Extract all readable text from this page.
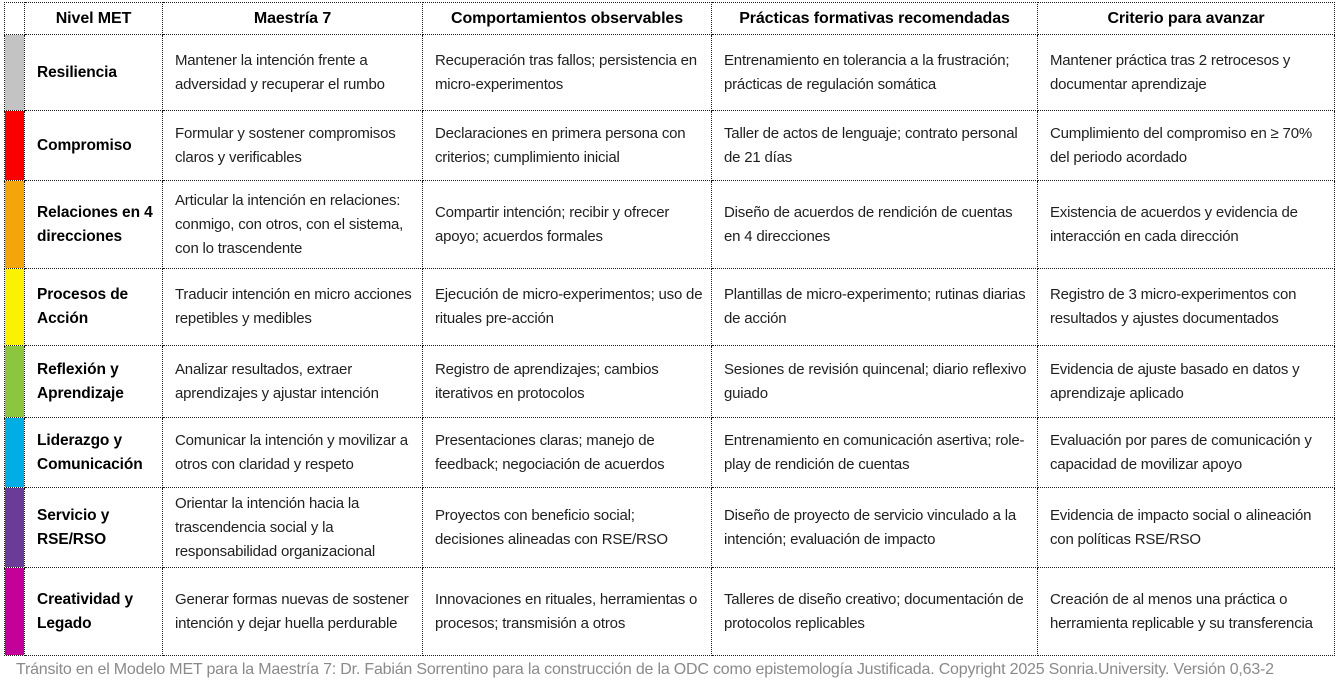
	Nivel MET	Maestría 7	Comportamientos observables	Prácticas formativas recomendadas	Criterio para avanzar
	Resiliencia	Mantener la intención frente a adversidad y recuperar el rumbo	Recuperación tras fallos; persistencia en micro-experimentos	Entrenamiento en tolerancia a la frustración; prácticas de regulación somática	Mantener práctica tras 2 retrocesos y documentar aprendizaje
	Compromiso	Formular y sostener compromisos claros y verificables	Declaraciones en primera persona con criterios; cumplimiento inicial	Taller de actos de lenguaje; contrato personal de 21 días	Cumplimiento del compromiso en ≥ 70% del periodo acordado
	Relaciones en 4 direcciones	Articular la intención en relaciones: conmigo, con otros, con el sistema, con lo trascendente	Compartir intención; recibir y ofrecer apoyo; acuerdos formales	Diseño de acuerdos de rendición de cuentas en 4 direcciones	Existencia de acuerdos y evidencia de interacción en cada dirección
	Procesos de Acción	Traducir intención en micro acciones repetibles y medibles	Ejecución de micro-experimentos; uso de rituales pre-acción	Plantillas de micro-experimento; rutinas diarias de acción	Registro de 3 micro-experimentos con resultados y ajustes documentados
	Reflexión y Aprendizaje	Analizar resultados, extraer aprendizajes y ajustar intención	Registro de aprendizajes; cambios iterativos en protocolos	Sesiones de revisión quincenal; diario reflexivo guiado	Evidencia de ajuste basado en datos y aprendizaje aplicado
	Liderazgo y Comunicación	Comunicar la intención y movilizar a otros con claridad y respeto	Presentaciones claras; manejo de feedback; negociación de acuerdos	Entrenamiento en comunicación asertiva; role-play de rendición de cuentas	Evaluación por pares de comunicación y capacidad de movilizar apoyo
	Servicio y RSE/RSO	Orientar la intención hacia la trascendencia social y la responsabilidad organizacional	Proyectos con beneficio social; decisiones alineadas con RSE/RSO	Diseño de proyecto de servicio vinculado a la intención; evaluación de impacto	Evidencia de impacto social o alineación con políticas RSE/RSO
	Creatividad y Legado	Generar formas nuevas de sostener intención y dejar huella perdurable	Innovaciones en rituales, herramientas o procesos; transmisión a otros	Talleres de diseño creativo; documentación de protocolos replicables	Creación de al menos una práctica o herramienta replicable y su transferencia
Tránsito en el Modelo MET para la Maestría 7: Dr. Fabián Sorrentino para la construcción de la ODC como epistemología Justificada. Copyright 2025 Sonria.University. Versión 0,63-2
